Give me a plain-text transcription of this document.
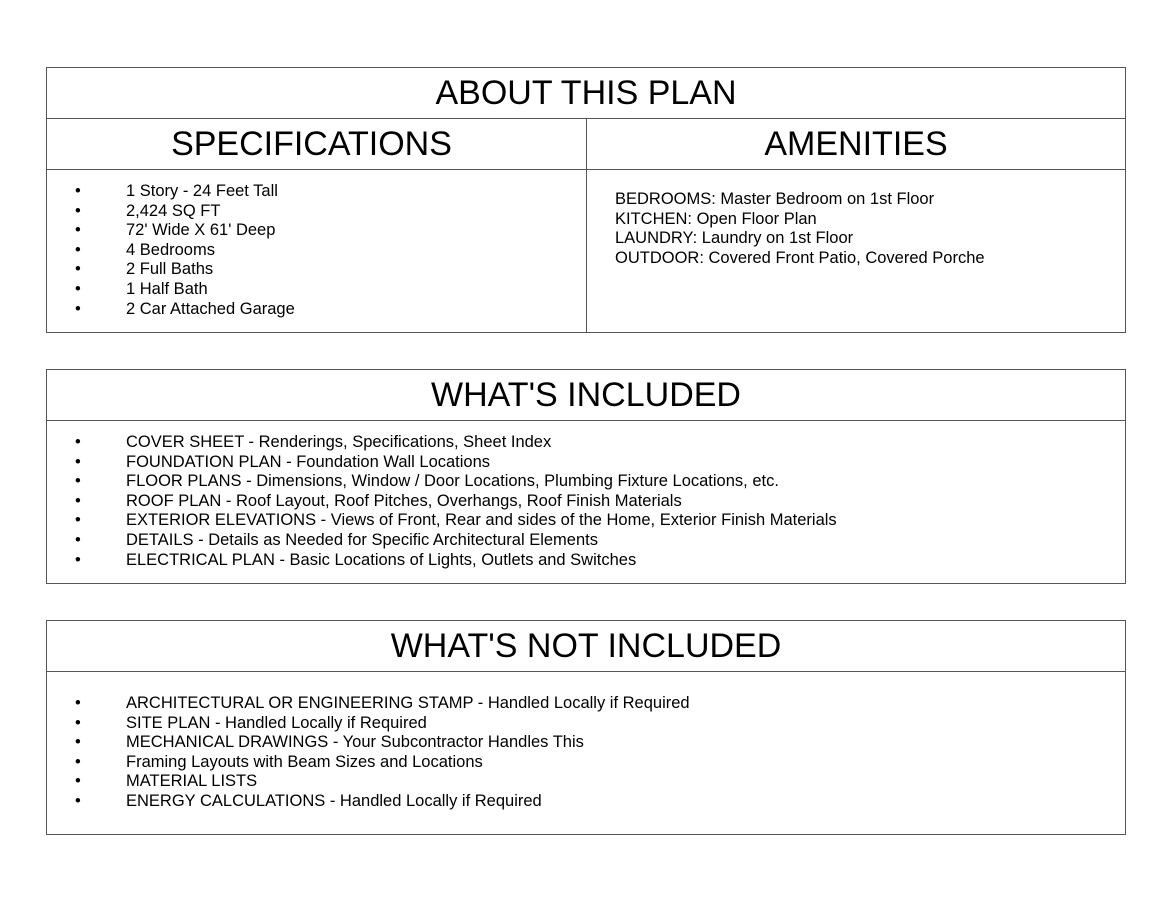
ABOUT THIS PLAN
SPECIFICATIONS
•	1 Story - 24 Feet Tall
•	2,424 SQ FT
•	72' Wide X 61' Deep
•	4 Bedrooms
•	2 Full Baths
•	1 Half Bath
•	2 Car Attached Garage
AMENITIES
BEDROOMS: Master Bedroom on 1st Floor
KITCHEN: Open Floor Plan
LAUNDRY: Laundry on 1st Floor
OUTDOOR: Covered Front Patio, Covered Porche
WHAT'S INCLUDED
•	COVER SHEET - Renderings, Specifications, Sheet Index
•	FOUNDATION PLAN - Foundation Wall Locations
•	FLOOR PLANS - Dimensions, Window / Door Locations, Plumbing Fixture Locations, etc.
•	ROOF PLAN - Roof Layout, Roof Pitches, Overhangs, Roof Finish Materials
•	EXTERIOR ELEVATIONS - Views of Front, Rear and sides of the Home, Exterior Finish Materials
•	DETAILS - Details as Needed for Specific Architectural Elements
•	ELECTRICAL PLAN - Basic Locations of Lights, Outlets and Switches
WHAT'S NOT INCLUDED
•	ARCHITECTURAL OR ENGINEERING STAMP - Handled Locally if Required
•	SITE PLAN - Handled Locally if Required
•	MECHANICAL DRAWINGS - Your Subcontractor Handles This
•	Framing Layouts with Beam Sizes and Locations
•	MATERIAL LISTS
•	ENERGY CALCULATIONS - Handled Locally if Required
